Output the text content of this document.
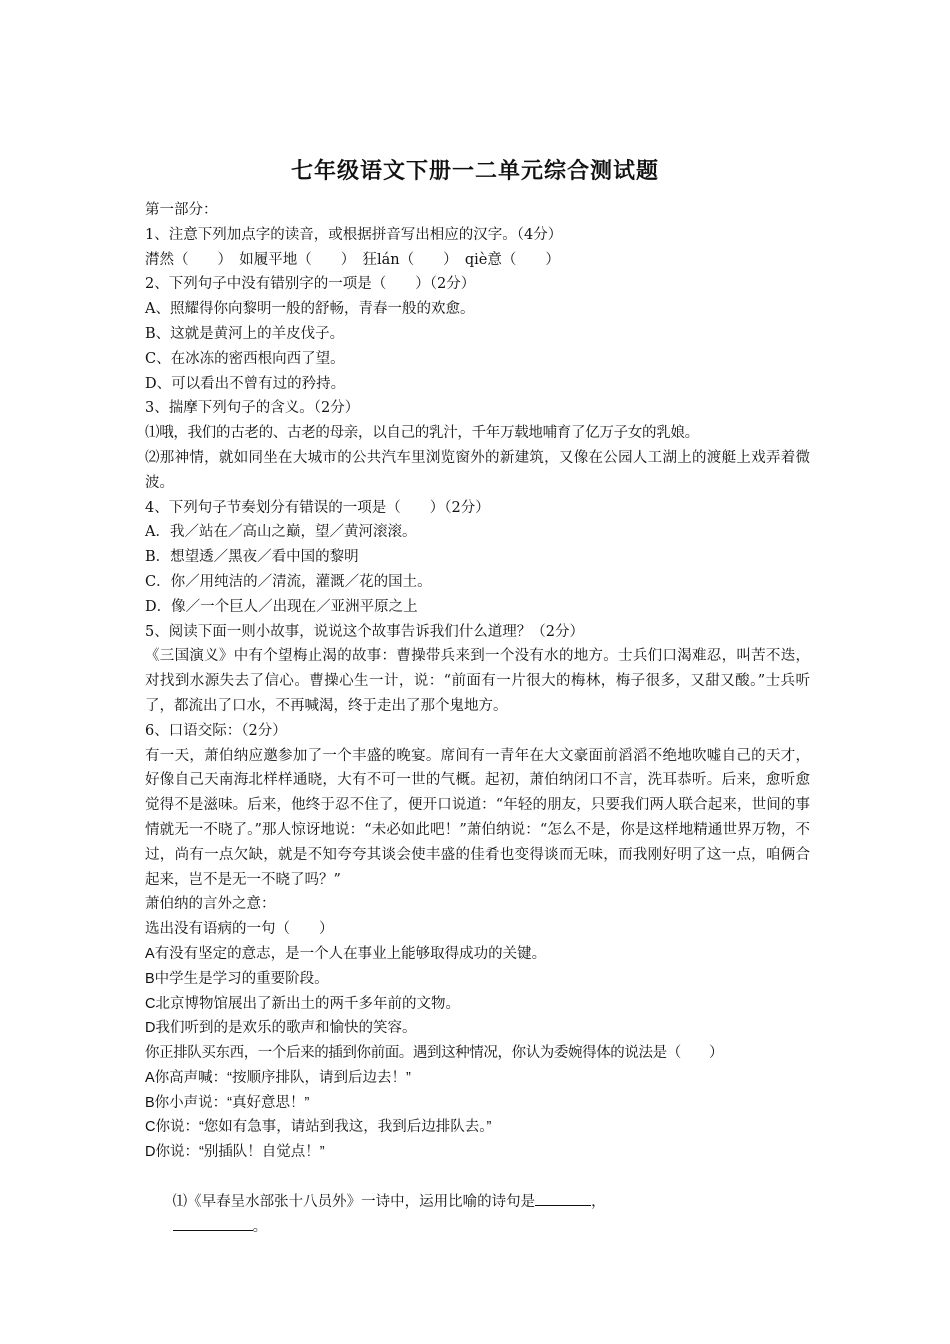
七年级语文下册一二单元综合测试题
第一部分：
1、注意下列加点字的读音，或根据拼音写出相应的汉字。（4分）
潸然（　　）　如履平地（　　）　狂lán（　　）　qiè意（　　）
2、下列句子中没有错别字的一项是（　　）（2分）
A、照耀得你向黎明一般的舒畅，青春一般的欢愈。
B、这就是黄河上的羊皮伐子。
C、在冰冻的密西根向西了望。
D、可以看出不曾有过的矜持。
3、揣摩下列句子的含义。（2分）
⑴哦，我们的古老的、古老的母亲，以自己的乳汁，千年万载地哺育了亿万子女的乳娘。
⑵那神情，就如同坐在大城市的公共汽车里浏览窗外的新建筑，又像在公园人工湖上的渡艇上戏弄着微波。
4、下列句子节奏划分有错误的一项是（　　）（2分）
A．我／站在／高山之巅，望／黄河滚滚。
B．想望透／黑夜／看中国的黎明
C．你／用纯洁的／清流，灌溉／花的国土。
D．像／一个巨人／出现在／亚洲平原之上
5、阅读下面一则小故事，说说这个故事告诉我们什么道理？（2分）
《三国演义》中有个望梅止渴的故事：曹操带兵来到一个没有水的地方。士兵们口渴难忍，叫苦不迭，对找到水源失去了信心。曹操心生一计，说：“前面有一片很大的梅林，梅子很多，又甜又酸。”士兵听了，都流出了口水，不再喊渴，终于走出了那个鬼地方。
6、口语交际：（2分）
有一天，萧伯纳应邀参加了一个丰盛的晚宴。席间有一青年在大文豪面前滔滔不绝地吹嘘自己的天才，好像自己天南海北样样通晓，大有不可一世的气概。起初，萧伯纳闭口不言，洗耳恭听。后来，愈听愈觉得不是滋味。后来，他终于忍不住了，便开口说道：“年轻的朋友，只要我们两人联合起来，世间的事情就无一不晓了。”那人惊讶地说：“未必如此吧！”萧伯纳说：“怎么不是，你是这样地精通世界万物，不过，尚有一点欠缺，就是不知夸夸其谈会使丰盛的佳肴也变得谈而无味，而我刚好明了这一点，咱俩合起来，岂不是无一不晓了吗？”
萧伯纳的言外之意：
选出没有语病的一句（　　）
A有没有坚定的意志，是一个人在事业上能够取得成功的关键。
B中学生是学习的重要阶段。
C北京博物馆展出了新出土的两千多年前的文物。
D我们听到的是欢乐的歌声和愉快的笑容。
你正排队买东西，一个后来的插到你前面。遇到这种情况，你认为委婉得体的说法是（　　）
A你高声喊：“按顺序排队，请到后边去！”
B你小声说：“真好意思！”
C你说：“您如有急事，请站到我这，我到后边排队去。”
D你说：“别插队！自觉点！”

⑴《早春呈水部张十八员外》一诗中，运用比喻的诗句是	，

。
